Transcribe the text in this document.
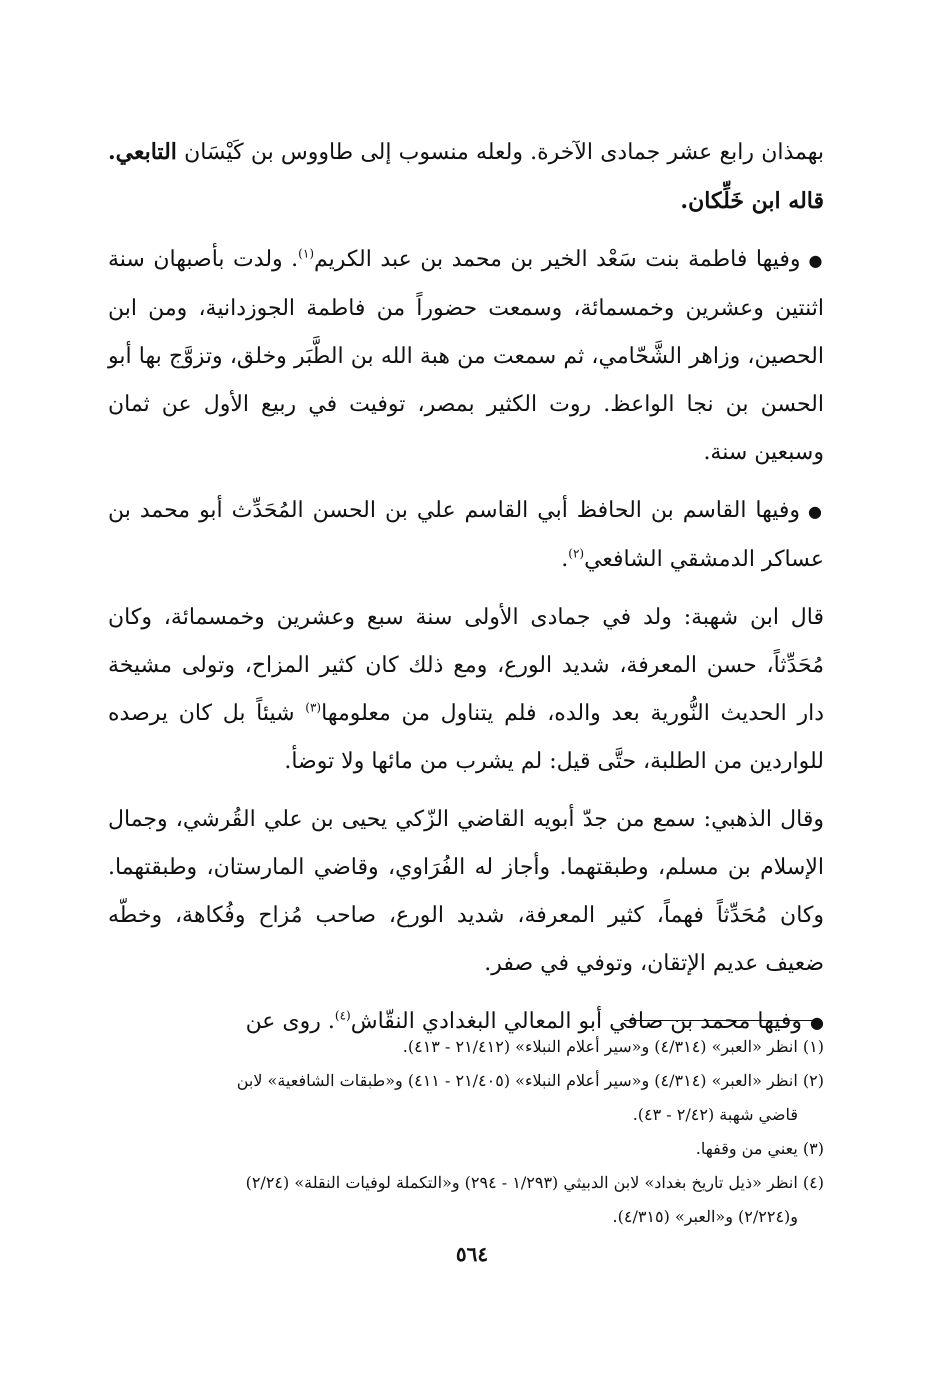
بهمذان رابع عشر جمادى الآخرة. ولعله منسوب إلى طاووس بن كَيْسَان التابعي. قاله ابن خَلِّكان.

●وفيها فاطمة بنت سَعْد الخير بن محمد بن عبد الكريم$^{(١)}$. ولدت بأصبهان سنة اثنتين وعشرين وخمسمائة، وسمعت حضوراً من فاطمة الجوزدانية، ومن ابن الحصين، وزاهر الشَّحّامي، ثم سمعت من هبة الله بن الطَّبَر وخلق، وتزوَّج بها أبو الحسن بن نجا الواعظ. روت الكثير بمصر، توفيت في ربيع الأول عن ثمان وسبعين سنة.

●وفيها القاسم بن الحافظ أبي القاسم علي بن الحسن المُحَدِّث أبو محمد بن عساكر الدمشقي الشافعي$^{(٢)}$.

قال ابن شهبة: ولد في جمادى الأولى سنة سبع وعشرين وخمسمائة، وكان مُحَدِّثاً، حسن المعرفة، شديد الورع، ومع ذلك كان كثير المزاح، وتولى مشيخة دار الحديث النُّورية بعد والده، فلم يتناول من معلومها$^{(٣)}$ شيئاً بل كان يرصده للواردين من الطلبة، حتَّى قيل: لم يشرب من مائها ولا توضأ.

وقال الذهبي: سمع من جدّ أبويه القاضي الزّكي يحيى بن علي القُرشي، وجمال الإسلام بن مسلم، وطبقتهما. وأجاز له الفُرَاوي، وقاضي المارستان، وطبقتهما. وكان مُحَدِّثاً فهماً، كثير المعرفة، شديد الورع، صاحب مُزاح وفُكاهة، وخطّه ضعيف عديم الإتقان، وتوفي في صفر.

●وفيها محمد بن صافي أبو المعالي البغدادي النقّاش$^{(٤)}$. روى عن

(١) انظر «العبر» (٤/٣١٤) و«سير أعلام النبلاء» (٢١/٤١٢ - ٤١٣).

(٢) انظر «العبر» (٤/٣١٤) و«سير أعلام النبلاء» (٢١/٤٠٥ - ٤١١) و«طبقات الشافعية» لابن
قاضي شهبة (٢/٤٢ - ٤٣).

(٣) يعني من وقفها.

(٤) انظر «ذيل تاريخ بغداد» لابن الدبيثي (١/٢٩٣ - ٢٩٤) و«التكملة لوفيات النقلة» (٢/٢٤)
و(٢/٢٢٤) و«العبر» (٤/٣١٥).

٥٦٤
